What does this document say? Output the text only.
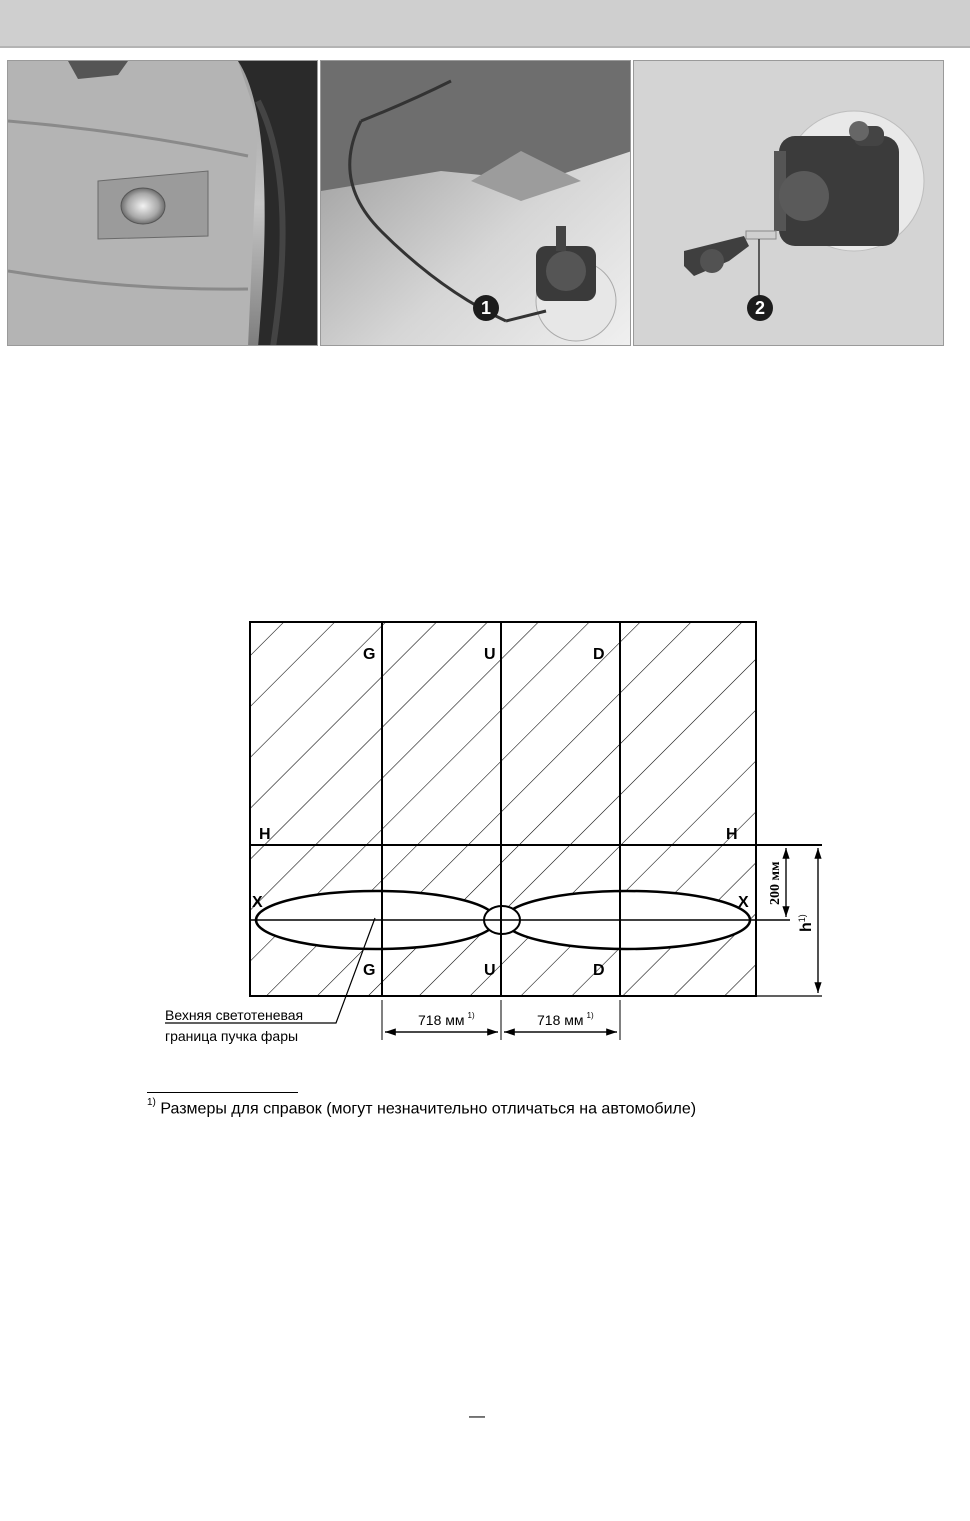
1	2
G	U	D
H	H
X	X
G	U	D
200 мм
$h^{1)}$
718 мм $^{1)}$	718 мм $^{1)}$
Вехняя светотеневая
граница пучка фары
$^{1)}$ Размеры для справок (могут незначительно отличаться на автомобиле)
—
